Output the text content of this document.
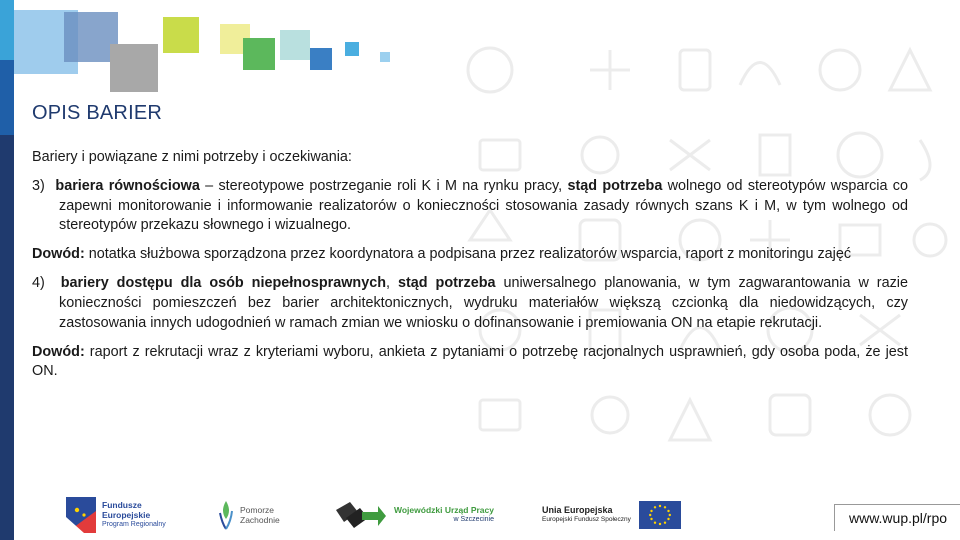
OPIS BARIER

Bariery i powiązane z nimi potrzeby i oczekiwania:

3) bariera równościowa – stereotypowe postrzeganie roli K i M na rynku pracy, stąd potrzeba wolnego od stereotypów wsparcia co zapewni monitorowanie i informowanie realizatorów o konieczności stosowania zasady równych szans K i M, w tym wolnego od stereotypów przekazu słownego i wizualnego.

Dowód: notatka służbowa sporządzona przez koordynatora a podpisana przez realizatorów wsparcia, raport z monitoringu zajęć

4) bariery dostępu dla osób niepełnosprawnych, stąd potrzeba uniwersalnego planowania, w tym zagwarantowania w razie konieczności pomieszczeń bez barier architektonicznych, wydruku materiałów większą czcionką dla niedowidzących, czy zastosowania innych udogodnień w ramach zmian we wniosku o dofinansowanie i premiowania ON na etapie rekrutacji.

Dowód: raport z rekrutacji wraz z kryteriami wyboru, ankieta z pytaniami o potrzebę racjonalnych usprawnień, gdy osoba poda, że jest ON.

Fundusze
Europejskie
Program Regionalny
Pomorze
Zachodnie
Wojewódzki Urząd Pracy
w Szczecinie
Unia Europejska
Europejski Fundusz Społeczny	www.wup.pl/rpo
